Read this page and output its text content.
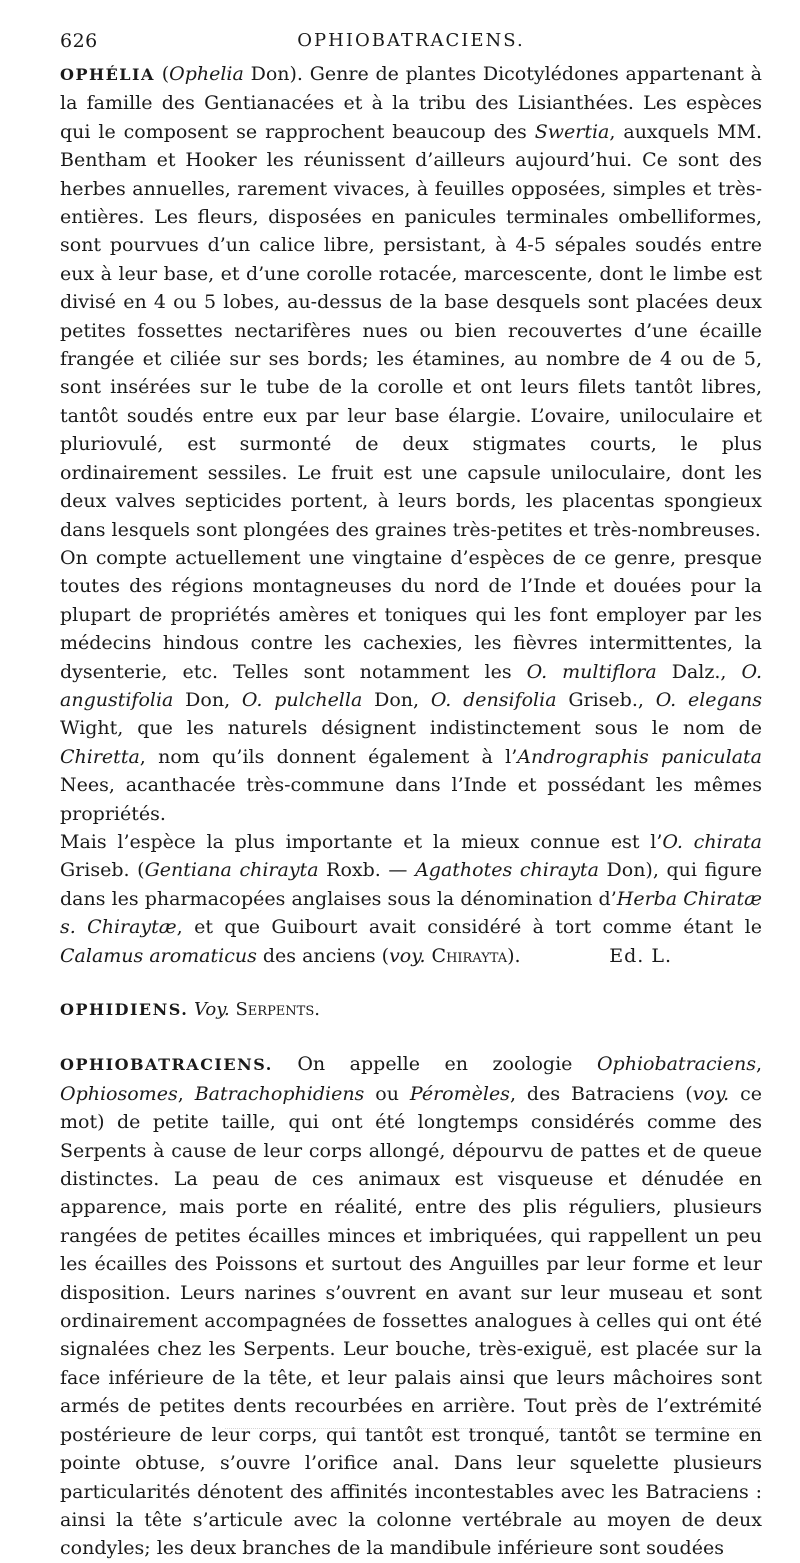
626	OPHIOBATRACIENS.

OPHÉLIA (Ophelia Don). Genre de plantes Dicotylédones appartenant à la famille des Gentianacées et à la tribu des Lisianthées. Les espèces qui le composent se rapprochent beaucoup des Swertia, auxquels MM. Bentham et Hooker les réunissent d’ailleurs aujourd’hui. Ce sont des herbes annuelles, rarement vivaces, à feuilles opposées, simples et très-entières. Les fleurs, disposées en panicules terminales ombelliformes, sont pourvues d’un calice libre, persistant, à 4-5 sépales soudés entre eux à leur base, et d’une corolle rotacée, marcescente, dont le limbe est divisé en 4 ou 5 lobes, au-dessus de la base desquels sont placées deux petites fossettes nectarifères nues ou bien recouvertes d’une écaille frangée et ciliée sur ses bords; les étamines, au nombre de 4 ou de 5, sont insérées sur le tube de la corolle et ont leurs filets tantôt libres, tantôt soudés entre eux par leur base élargie. L’ovaire, uniloculaire et pluriovulé, est surmonté de deux stigmates courts, le plus ordinairement sessiles. Le fruit est une capsule uniloculaire, dont les deux valves septicides portent, à leurs bords, les placentas spongieux dans lesquels sont plongées des graines très-petites et très-nombreuses.

On compte actuellement une vingtaine d’espèces de ce genre, presque toutes des régions montagneuses du nord de l’Inde et douées pour la plupart de propriétés amères et toniques qui les font employer par les médecins hindous contre les cachexies, les fièvres intermittentes, la dysenterie, etc. Telles sont notamment les O. multiflora Dalz., O. angustifolia Don, O. pulchella Don, O. densifolia Griseb., O. elegans Wight, que les naturels désignent indistinctement sous le nom de Chiretta, nom qu’ils donnent également à l’Andrographis paniculata Nees, acanthacée très-commune dans l’Inde et possédant les mêmes propriétés.

Mais l’espèce la plus importante et la mieux connue est l’O. chirata Griseb. (Gentiana chirayta Roxb. — Agathotes chirayta Don), qui figure dans les pharmacopées anglaises sous la dénomination d’Herba Chiratæ s. Chiraytæ, et que Guibourt avait considéré à tort comme étant le Calamus aromaticus des anciens (voy. Chirayta).	Ed. L.

OPHIDIENS. Voy. Serpents.

OPHIOBATRACIENS. On appelle en zoologie Ophiobatraciens, Ophiosomes, Batrachophidiens ou Péromèles, des Batraciens (voy. ce mot) de petite taille, qui ont été longtemps considérés comme des Serpents à cause de leur corps allongé, dépourvu de pattes et de queue distinctes. La peau de ces animaux est visqueuse et dénudée en apparence, mais porte en réalité, entre des plis réguliers, plusieurs rangées de petites écailles minces et imbriquées, qui rappellent un peu les écailles des Poissons et surtout des Anguilles par leur forme et leur disposition. Leurs narines s’ouvrent en avant sur leur museau et sont ordinairement accompagnées de fossettes analogues à celles qui ont été signalées chez les Serpents. Leur bouche, très-exiguë, est placée sur la face inférieure de la tête, et leur palais ainsi que leurs mâchoires sont armés de petites dents recourbées en arrière. Tout près de l’extrémité postérieure de leur corps, qui tantôt est tronqué, tantôt se termine en pointe obtuse, s’ouvre l’orifice anal. Dans leur squelette plusieurs particularités dénotent des affinités incontestables avec les Batraciens : ainsi la tête s’articule avec la colonne vertébrale au moyen de deux condyles; les deux branches de la mandibule inférieure sont soudées
